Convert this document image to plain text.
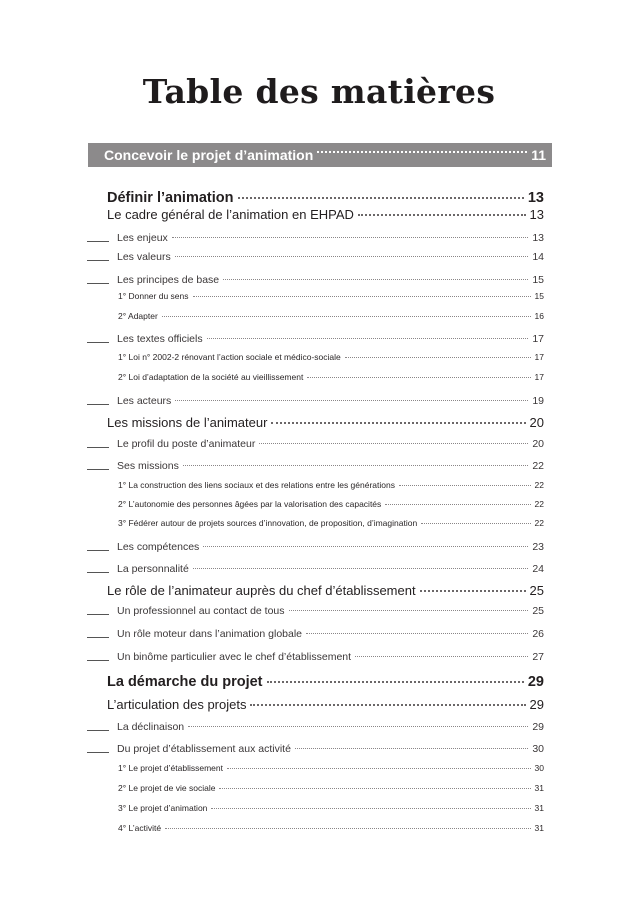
Table des matières
Concevoir le projet d’animation	11
Définir l’animation	13
Le cadre général de l’animation en EHPAD	13
Les enjeux	13
Les valeurs	14
Les principes de base	15
1° Donner du sens	15
2° Adapter	16
Les textes officiels	17
1° Loi n° 2002-2 rénovant l’action sociale et médico-sociale	17
2° Loi d’adaptation de la société au vieillissement	17
Les acteurs	19
Les missions de l’animateur	20
Le profil du poste d’animateur	20
Ses missions	22
1° La construction des liens sociaux et des relations entre les générations	22
2° L’autonomie des personnes âgées par la valorisation des capacités	22
3° Fédérer autour de projets sources d’innovation, de proposition, d’imagination	22
Les compétences	23
La personnalité	24
Le rôle de l’animateur auprès du chef d’établissement	25
Un professionnel au contact de tous	25
Un rôle moteur dans l’animation globale	26
Un binôme particulier avec le chef d’établissement	27
La démarche du projet	29
L’articulation des projets	29
La déclinaison	29
Du projet d’établissement aux activité	30
1° Le projet d’établissement	30
2° Le projet de vie sociale	31
3° Le projet d’animation	31
4° L’activité	31
